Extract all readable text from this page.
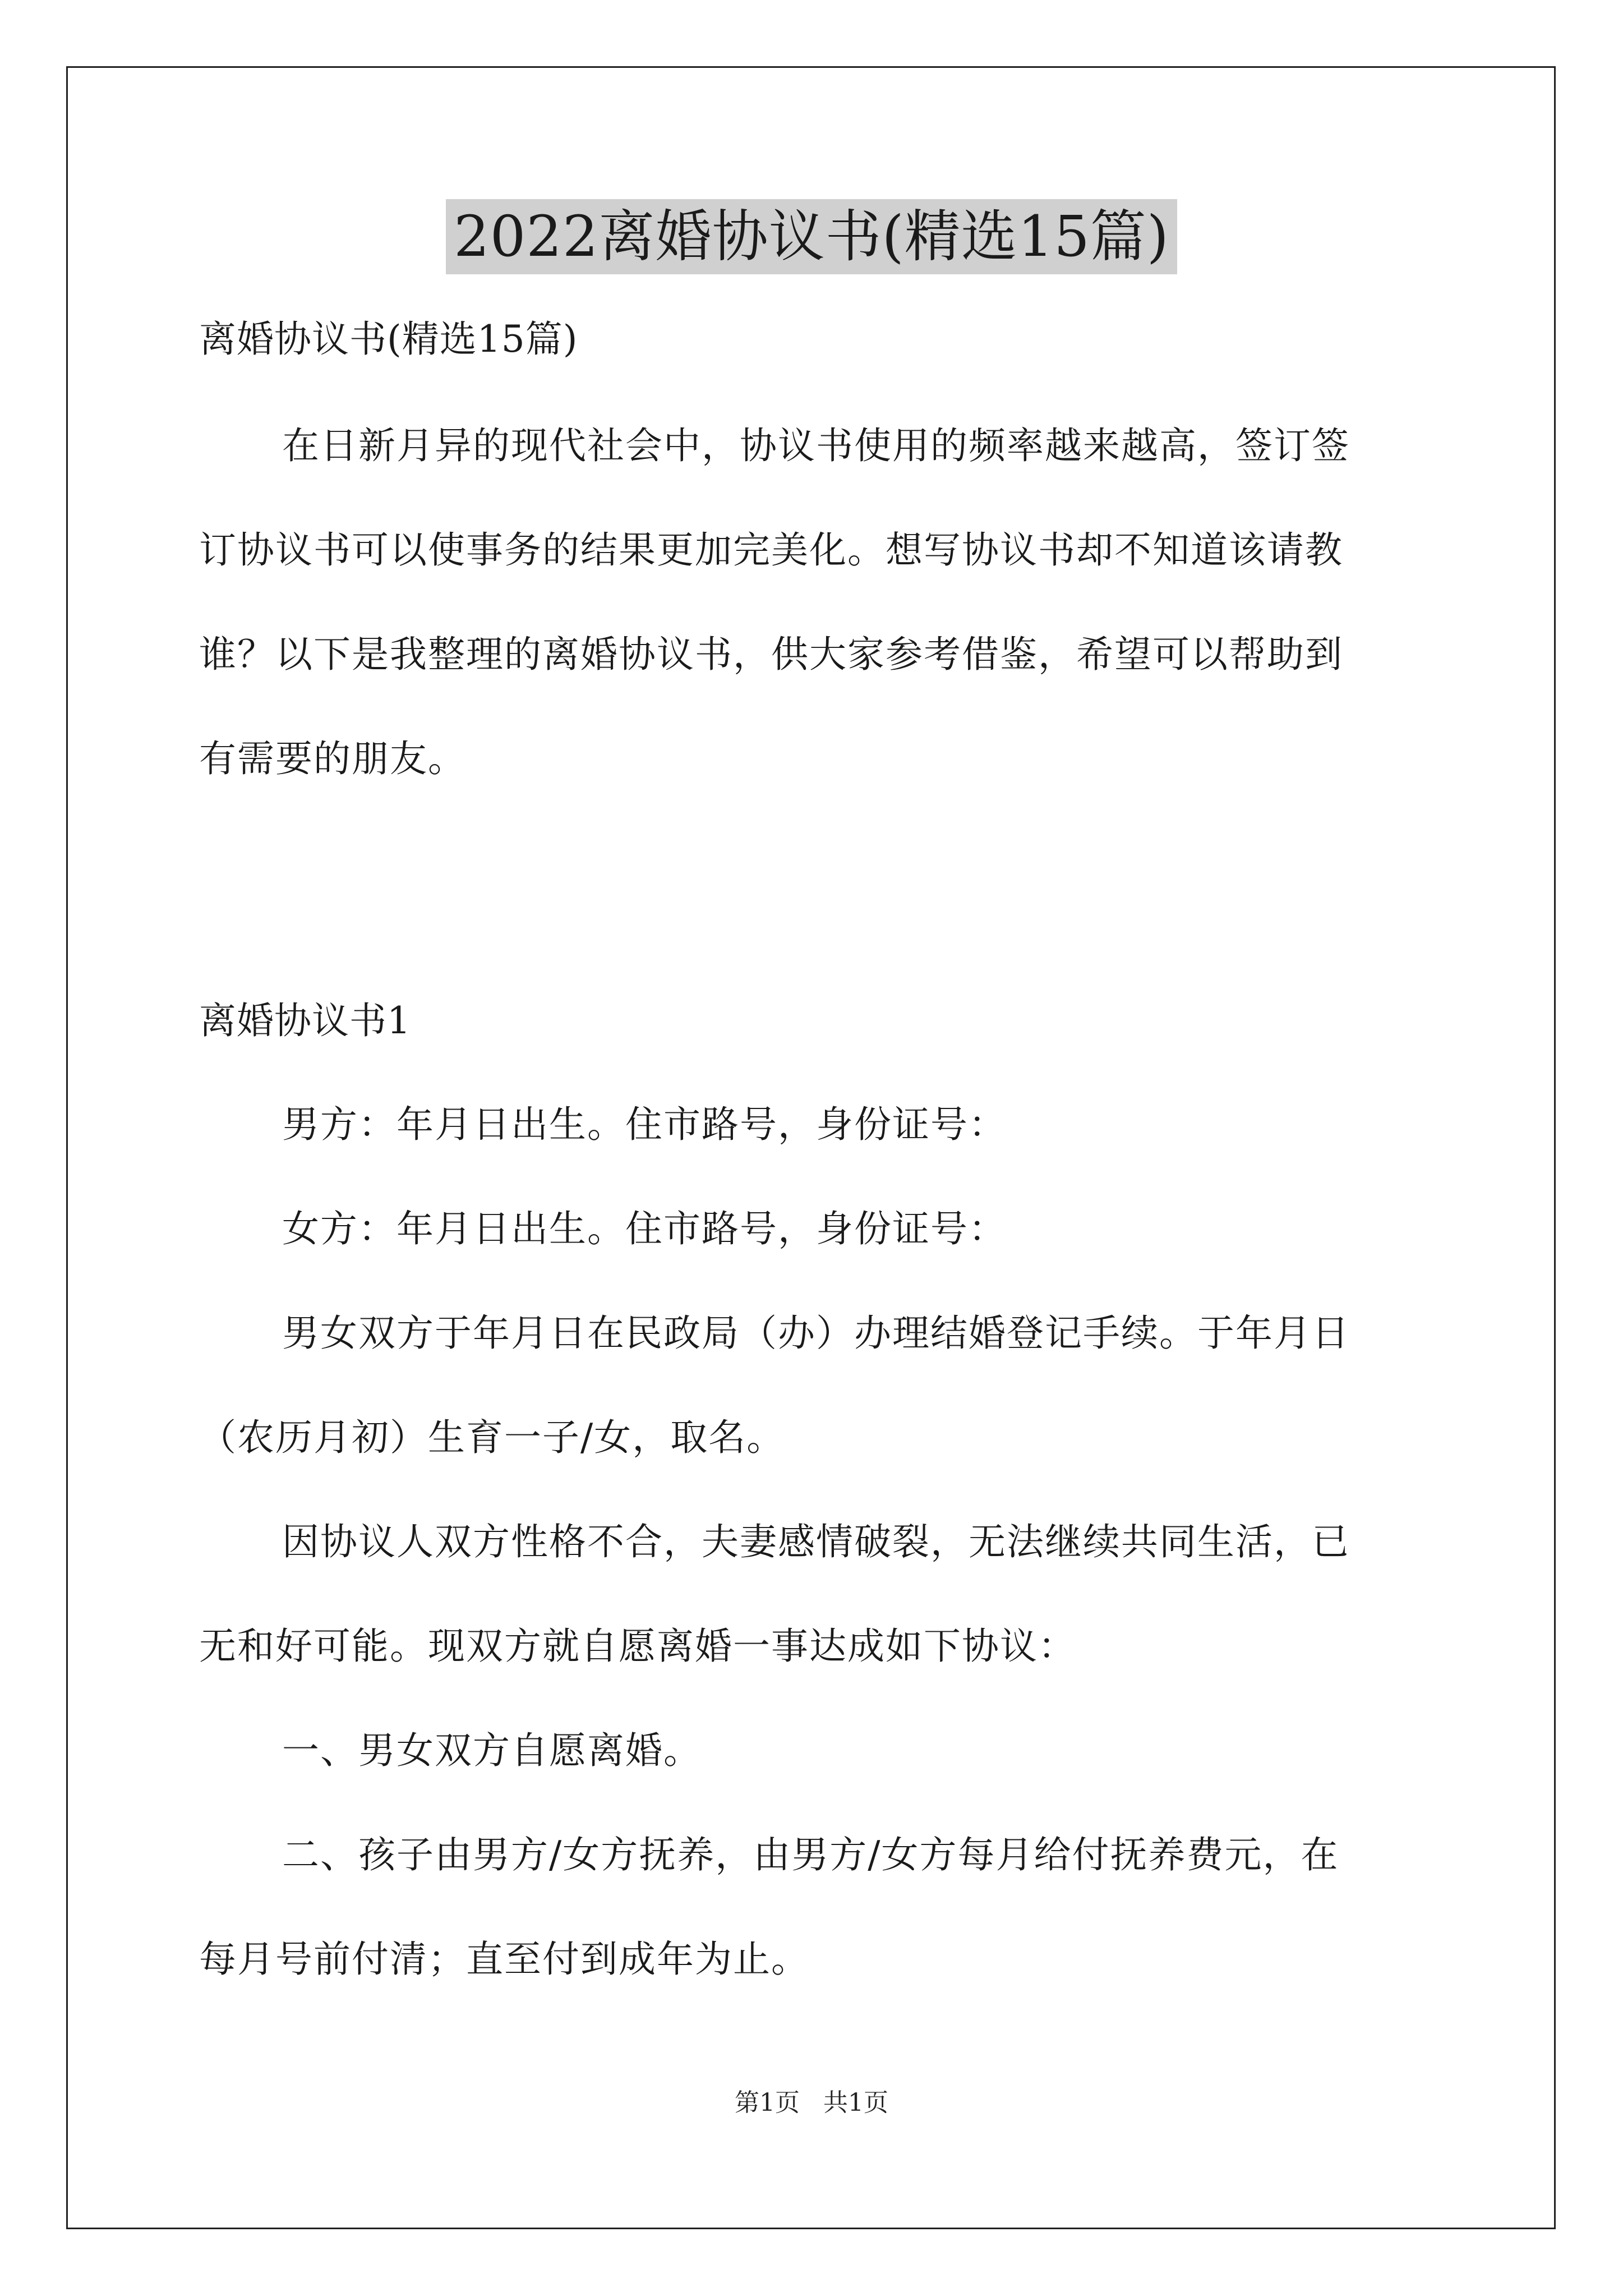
2022离婚协议书(精选15篇)
离婚协议书(精选15篇)
在日新月异的现代社会中，协议书使用的频率越来越高，签订签
订协议书可以使事务的结果更加完美化。想写协议书却不知道该请教
谁？以下是我整理的离婚协议书，供大家参考借鉴，希望可以帮助到
有需要的朋友。
离婚协议书1
男方：年月日出生。住市路号，身份证号：
女方：年月日出生。住市路号，身份证号：
男女双方于年月日在民政局（办）办理结婚登记手续。于年月日
（农历月初）生育一子/女，取名。
因协议人双方性格不合，夫妻感情破裂，无法继续共同生活，已
无和好可能。现双方就自愿离婚一事达成如下协议：
一、男女双方自愿离婚。
二、孩子由男方/女方抚养，由男方/女方每月给付抚养费元，在
每月号前付清；直至付到成年为止。
第1页   共1页
